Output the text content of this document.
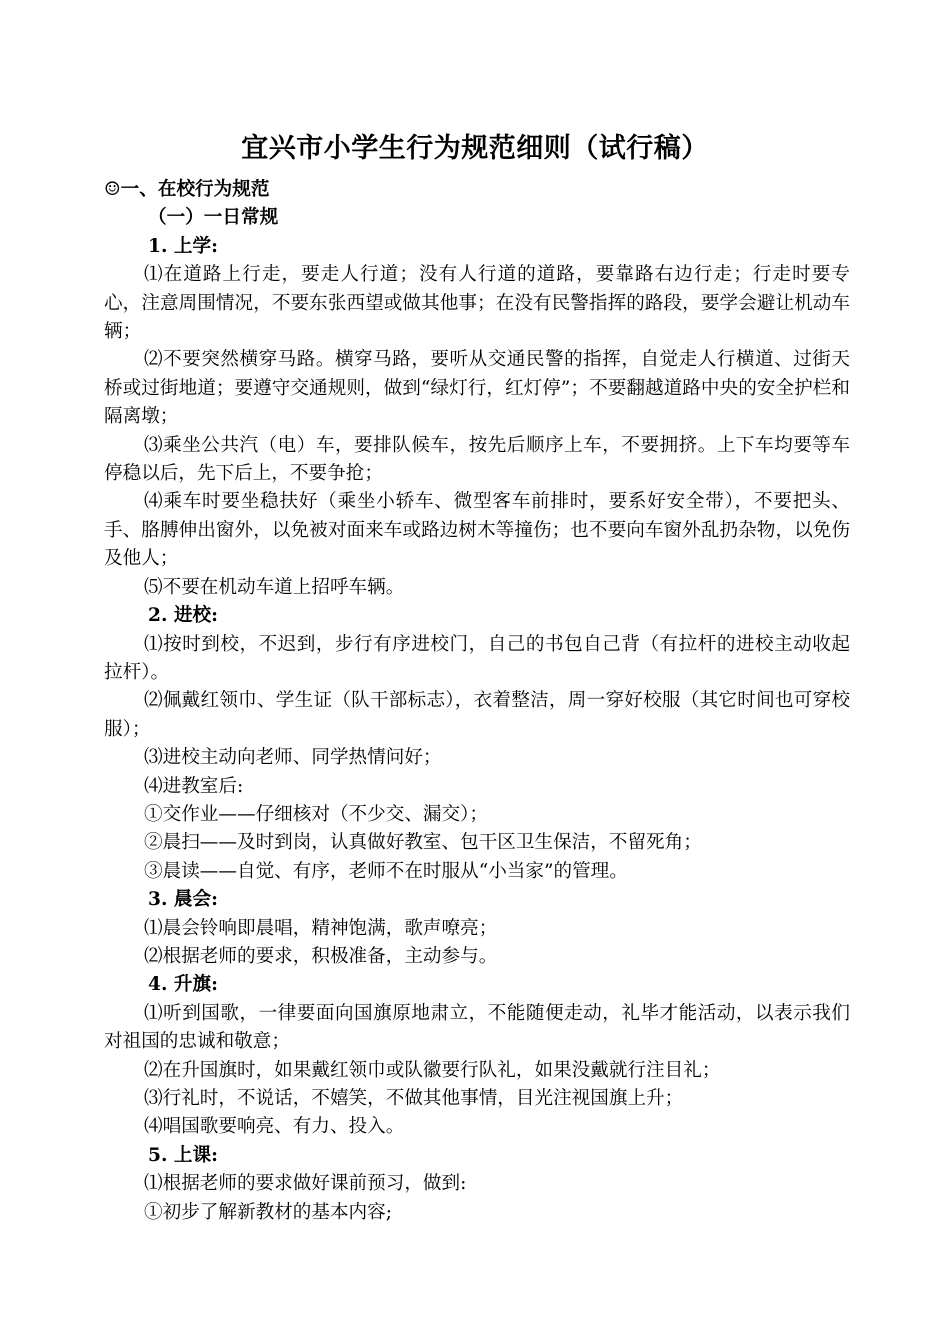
宜兴市小学生行为规范细则（试行稿）

☺一、在校行为规范

（一）一日常规

1. 上学:

⑴在道路上行走，要走人行道；没有人行道的道路，要靠路右边行走；行走时要专心，注意周围情况，不要东张西望或做其他事；在没有民警指挥的路段，要学会避让机动车辆；

⑵不要突然横穿马路。横穿马路，要听从交通民警的指挥，自觉走人行横道、过街天桥或过街地道；要遵守交通规则，做到“绿灯行，红灯停”；不要翻越道路中央的安全护栏和隔离墩；

⑶乘坐公共汽（电）车，要排队候车，按先后顺序上车，不要拥挤。上下车均要等车停稳以后，先下后上，不要争抢；

⑷乘车时要坐稳扶好（乘坐小轿车、微型客车前排时，要系好安全带），不要把头、手、胳膊伸出窗外，以免被对面来车或路边树木等撞伤；也不要向车窗外乱扔杂物，以免伤及他人；

⑸不要在机动车道上招呼车辆。

2. 进校:

⑴按时到校，不迟到，步行有序进校门，自己的书包自己背（有拉杆的进校主动收起拉杆）。

⑵佩戴红领巾、学生证（队干部标志），衣着整洁，周一穿好校服（其它时间也可穿校服）；

⑶进校主动向老师、同学热情问好；

⑷进教室后:

①交作业——仔细核对（不少交、漏交）；

②晨扫——及时到岗，认真做好教室、包干区卫生保洁，不留死角；

③晨读——自觉、有序，老师不在时服从“小当家”的管理。

3. 晨会:

⑴晨会铃响即晨唱，精神饱满，歌声嘹亮；

⑵根据老师的要求，积极准备，主动参与。

4. 升旗:

⑴听到国歌，一律要面向国旗原地肃立，不能随便走动，礼毕才能活动，以表示我们对祖国的忠诚和敬意；

⑵在升国旗时，如果戴红领巾或队徽要行队礼，如果没戴就行注目礼；

⑶行礼时，不说话，不嬉笑，不做其他事情，目光注视国旗上升；

⑷唱国歌要响亮、有力、投入。

5. 上课:

⑴根据老师的要求做好课前预习，做到:

①初步了解新教材的基本内容;
